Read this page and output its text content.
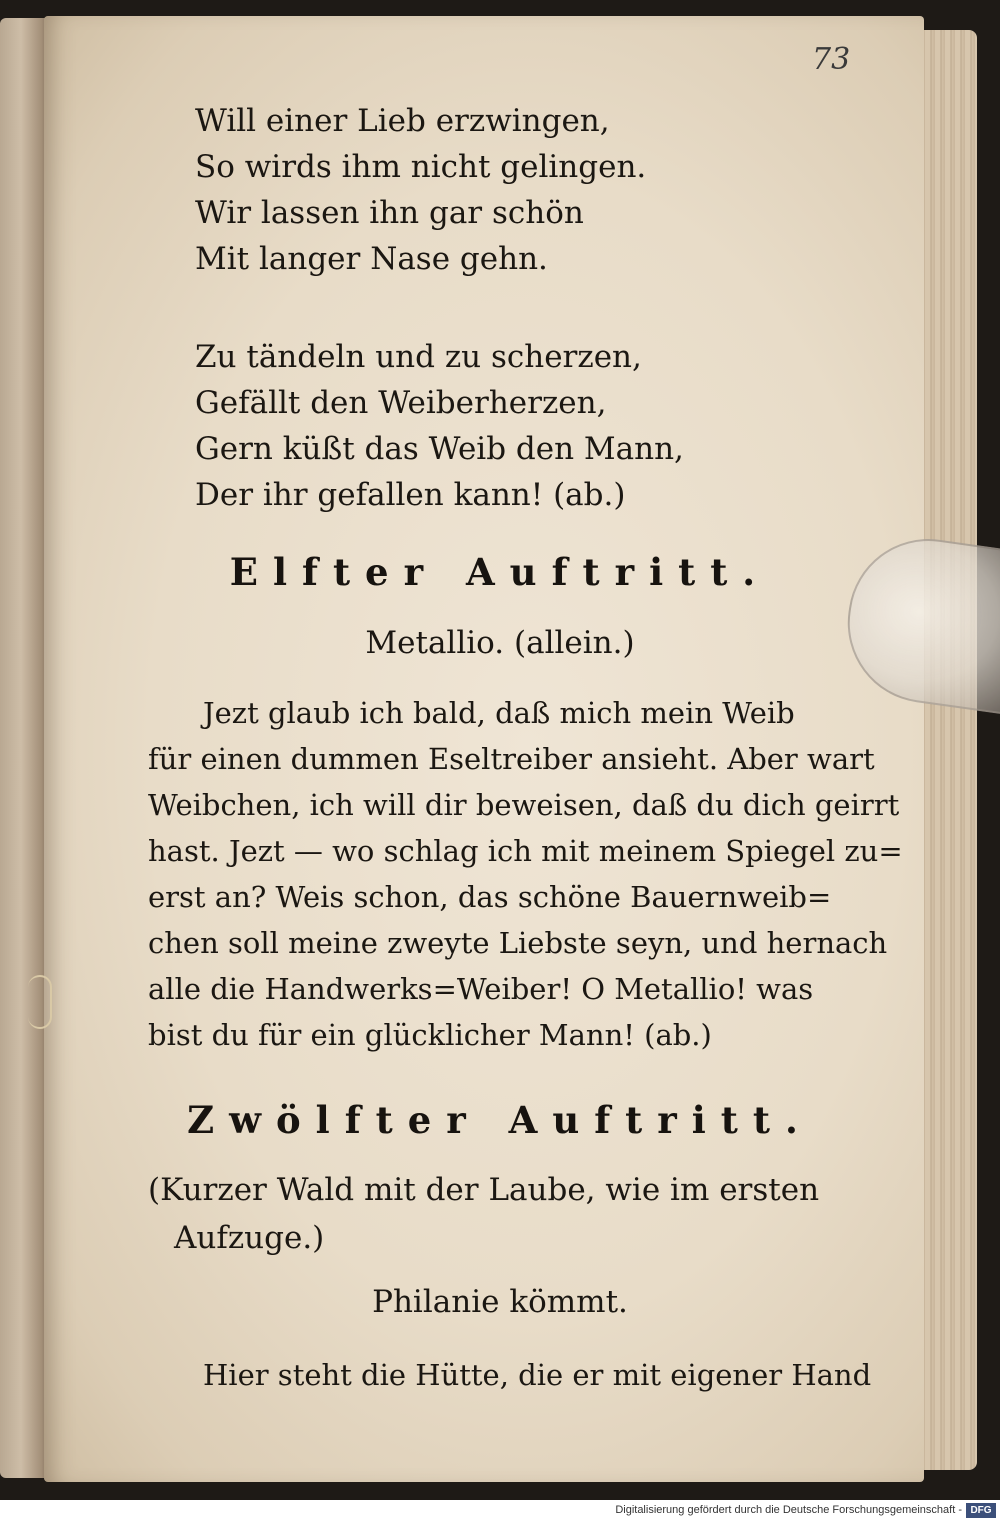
73
Will einer Lieb erzwingen,
So wirds ihm nicht gelingen.
Wir lassen ihn gar schön
Mit langer Nase gehn.
Zu tändeln und zu scherzen,
Gefällt den Weiberherzen,
Gern küßt das Weib den Mann,
Der ihr gefallen kann! (ab.)
Elfter Auftritt.
Metallio. (allein.)
Jezt glaub ich bald, daß mich mein Weib
für einen dummen Eseltreiber ansieht. Aber wart
Weibchen, ich will dir beweisen, daß du dich geirrt
hast. Jezt — wo schlag ich mit meinem Spiegel zu=
erst an? Weis schon, das schöne Bauernweib=
chen soll meine zweyte Liebste seyn, und hernach
alle die Handwerks=Weiber! O Metallio! was
bist du für ein glücklicher Mann! (ab.)
Zwölfter Auftritt.
(Kurzer Wald mit der Laube, wie im ersten
Aufzuge.)
Philanie kömmt.
Hier steht die Hütte, die er mit eigener Hand
Digitalisierung gefördert durch die Deutsche Forschungsgemeinschaft - DFG
